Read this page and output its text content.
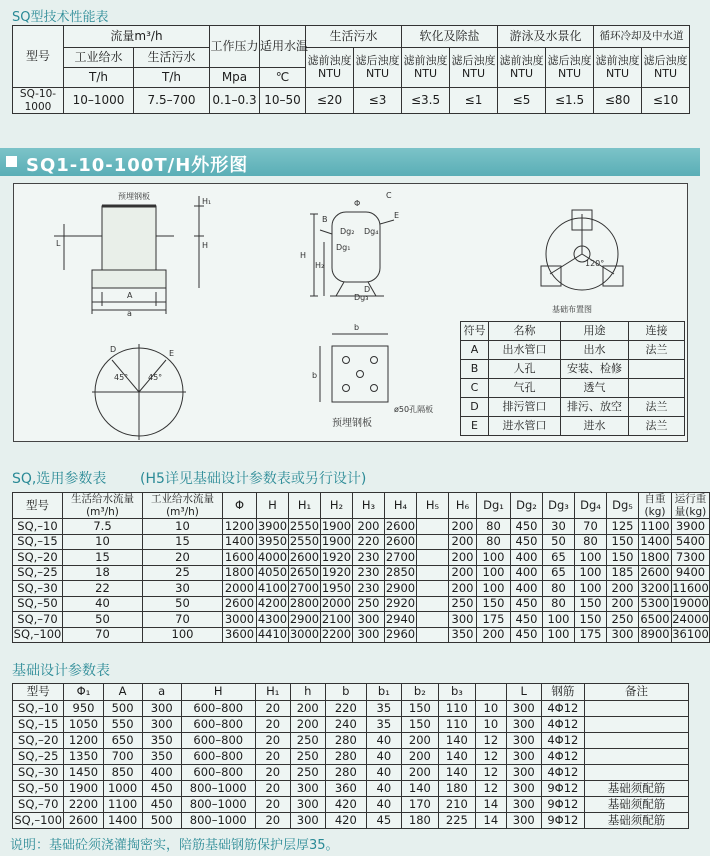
SQ型技术性能表
型号	流量m³/h		工作压力	适用水温	生活污水		软化及除盐		游泳及水景化		循环冷却及中水道	
	工业给水	生活污水			滤前浊度NTU	滤后浊度NTU	滤前浊度NTU	滤后浊度NTU	滤前浊度NTU	滤后浊度NTU	滤前浊度NTU	滤后浊度NTU
	T/h	T/h	Mpa	℃								
SQ-10-1000	10–1000	7.5–700	0.1–0.3	10–50	≤20	≤3	≤3.5	≤1	≤5	≤1.5	≤80	≤10
SQ1-10-100T/H外形图
预埋钢板
A
a
H
H₁
L
Φ
C
B	E
Dg₂ Dg₄
Dg₁
Dg₃
D
H
H₂
基础布置图
120°
45° 45°
D	E
b
b
ø50孔隔板
预埋钢板
符号	名称	用途	连接
A	出水管口	出水	法兰
B	人孔	安装、检修	
C	气孔	透气	
D	排污管口	排污、放空	法兰
E	进水管口	进水	法兰
SQ,选用参数表 (H5详见基础设计参数表或另行设计)
型号	生活给水流量(m³/h)	工业给水流量(m³/h)	Φ	H	H₁	H₂	H₃	H₄	H₅	H₆	Dg₁	Dg₂	Dg₃	Dg₄	Dg₅	自重(kg)	运行重量(kg)
SQ,–10	7.5	10	1200	3900	2550	1900	200	2600		200	80	450	30	70	125	1100	3900
SQ,–15	10	15	1400	3950	2550	1900	220	2600		200	80	450	50	80	150	1400	5400
SQ,–20	15	20	1600	4000	2600	1920	230	2700		200	100	400	65	100	150	1800	7300
SQ,–25	18	25	1800	4050	2650	1920	230	2850		200	100	400	65	100	185	2600	9400
SQ,–30	22	30	2000	4100	2700	1950	230	2900		200	100	400	80	100	200	3200	11600
SQ,–50	40	50	2600	4200	2800	2000	250	2920		250	150	450	80	150	200	5300	19000
SQ,–70	50	70	3000	4300	2900	2100	300	2940		300	175	450	100	150	250	6500	24000
SQ,–100	70	100	3600	4410	3000	2200	300	2960		350	200	450	100	175	300	8900	36100
基础设计参数表
型号	Φ₁	A	a	H	H₁	h	b	b₁	b₂	b₃		L	钢筋	备注
SQ,–10	950	500	300	600–800	20	200	220	35	150	110	10	300	4Φ12	
SQ,–15	1050	550	300	600–800	20	200	240	35	150	110	10	300	4Φ12	
SQ,–20	1200	650	350	600–800	20	250	280	40	200	140	12	300	4Φ12	
SQ,–25	1350	700	350	600–800	20	250	280	40	200	140	12	300	4Φ12	
SQ,–30	1450	850	400	600–800	20	250	280	40	200	140	12	300	4Φ12	
SQ,–50	1900	1000	450	800–1000	20	300	360	40	140	180	12	300	9Φ12	基础须配筋
SQ,–70	2200	1100	450	800–1000	20	300	420	40	170	210	14	300	9Φ12	基础须配筋
SQ,–100	2600	1400	500	800–1000	20	300	420	45	180	225	14	300	9Φ12	基础须配筋
说明：基础砼须浇灌掏密实，陪筋基础钢筋保护层厚35。
